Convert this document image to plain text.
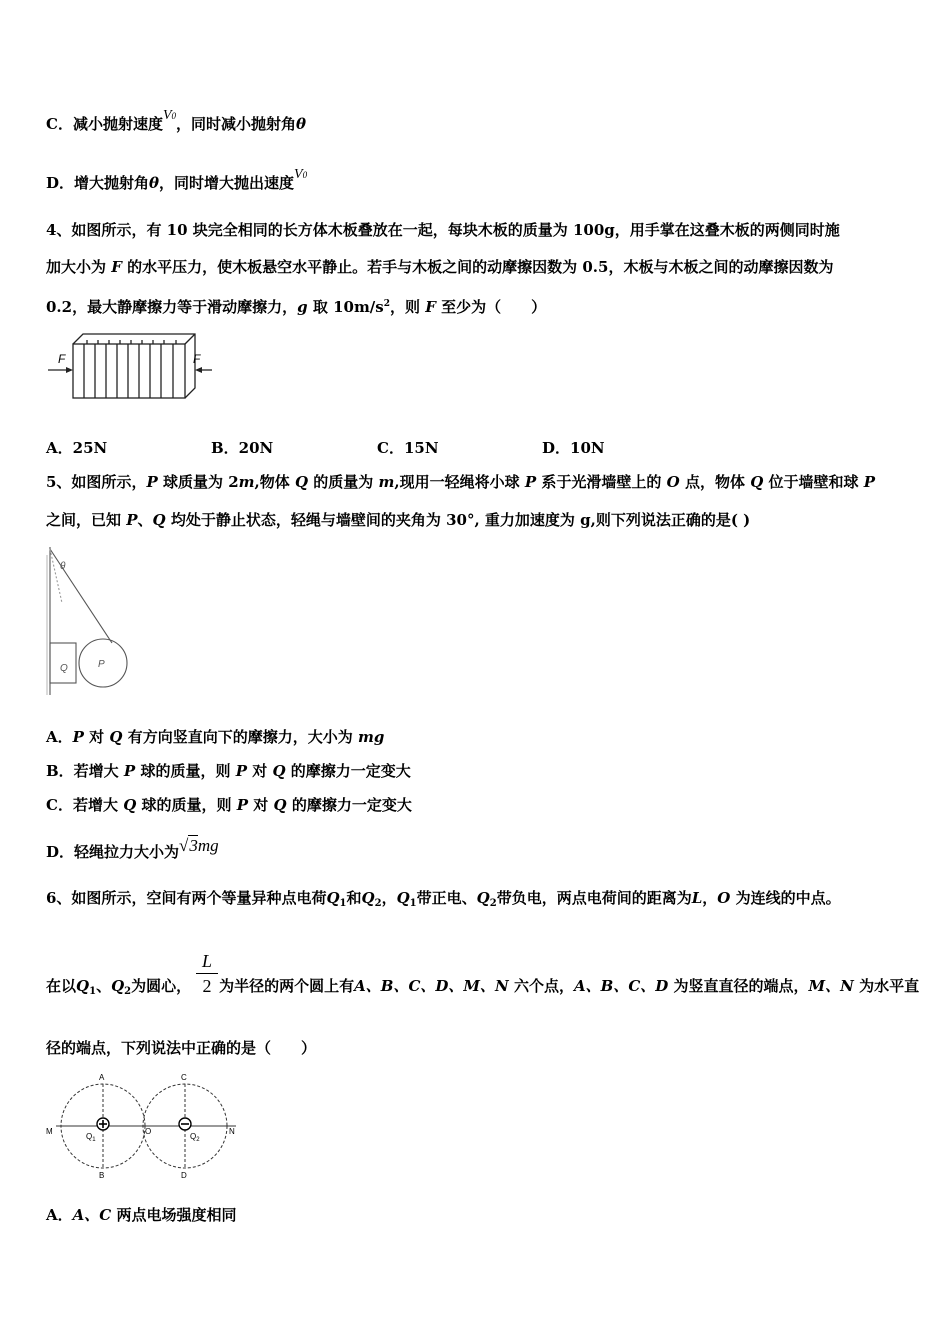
C．减小抛射速度V0，同时减小抛射角θ
D．增大抛射角θ，同时增大抛出速度V0
4、如图所示，有 10 块完全相同的长方体木板叠放在一起，每块木板的质量为 100g，用手掌在这叠木板的两侧同时施
加大小为 F 的水平压力，使木板悬空水平静止。若手与木板之间的动摩擦因数为 0.5，木板与木板之间的动摩擦因数为
0.2，最大静摩擦力等于滑动摩擦力，g 取 $10m/s^2$，则 F 至少为（　　）
F	F
A．25N	B．20N	C．15N	D．10N
5、如图所示，P 球质量为 2m,物体 Q 的质量为 m,现用一轻绳将小球 P 系于光滑墙壁上的 O 点，物体 Q 位于墙壁和球 P
之间，已知 P、Q 均处于静止状态，轻绳与墙壁间的夹角为 30°, 重力加速度为 g,则下列说法正确的是( )
θ
Q	P
A．P 对 Q 有方向竖直向下的摩擦力，大小为 mg
B．若增大 P 球的质量，则 P 对 Q 的摩擦力一定变大
C．若增大 Q 球的质量，则 P 对 Q 的摩擦力一定变大
D．轻绳拉力大小为√3mg
6、如图所示，空间有两个等量异种点电荷$Q_1$和$Q_2$，$Q_1$带正电、$Q_2$带负电，两点电荷间的距离为L，O 为连线的中点。
L
2
在以$Q_1$、$Q_2$为圆心， 为半径的两个圆上有A、B、C、D、M、N 六个点，A、B、C、D 为竖直直径的端点，M、N 为水平直
径的端点，下列说法中正确的是（　　）
A
B
C
D
M	N
O
$Q_1$	$Q_2$
A．A、C 两点电场强度相同
